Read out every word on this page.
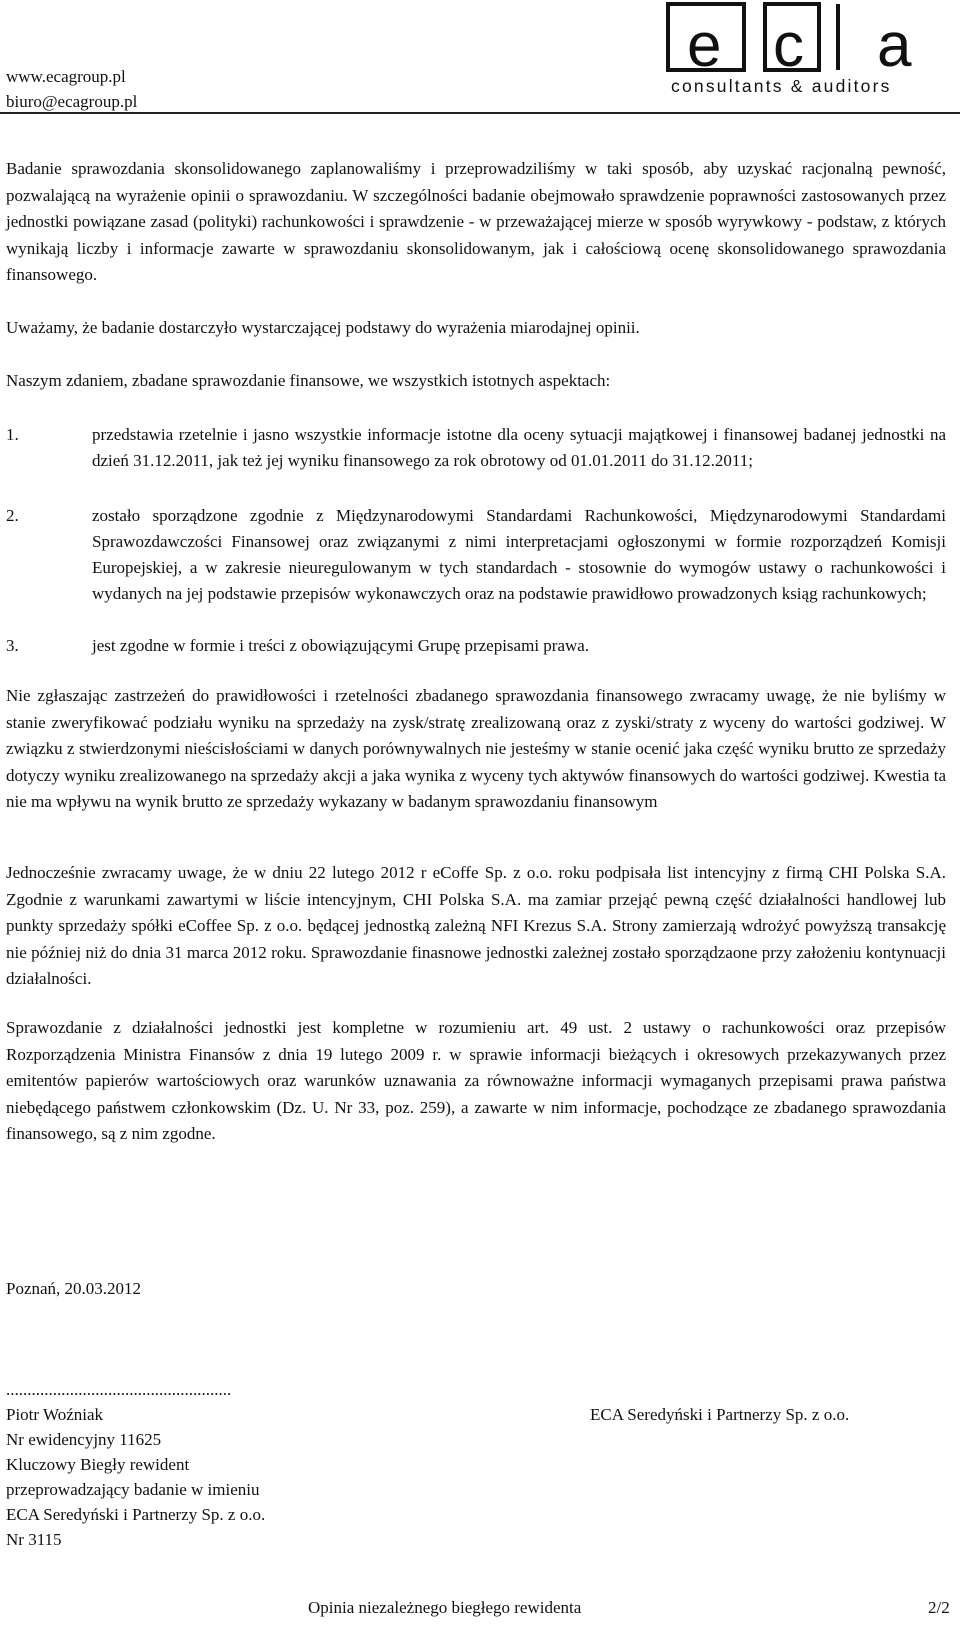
www.ecagroup.pl
biuro@ecagroup.pl
e c a
consultants & auditors

Badanie sprawozdania skonsolidowanego zaplanowaliśmy i przeprowadziliśmy w taki sposób, aby uzyskać racjonalną pewność, pozwalającą na wyrażenie opinii o sprawozdaniu. W szczególności badanie obejmowało sprawdzenie poprawności zastosowanych przez jednostki powiązane zasad (polityki) rachunkowości i sprawdzenie - w przeważającej mierze w sposób wyrywkowy - podstaw, z których wynikają liczby i informacje zawarte w sprawozdaniu skonsolidowanym, jak i całościową ocenę skonsolidowanego sprawozdania finansowego.

Uważamy, że badanie dostarczyło wystarczającej podstawy do wyrażenia miarodajnej opinii.

Naszym zdaniem, zbadane sprawozdanie finansowe, we wszystkich istotnych aspektach:

1.	przedstawia rzetelnie i jasno wszystkie informacje istotne dla oceny sytuacji majątkowej i finansowej badanej jednostki na dzień 31.12.2011, jak też jej wyniku finansowego za rok obrotowy od 01.01.2011 do 31.12.2011;
2.	zostało sporządzone zgodnie z Międzynarodowymi Standardami Rachunkowości, Międzynarodowymi Standardami Sprawozdawczości Finansowej oraz związanymi z nimi interpretacjami ogłoszonymi w formie rozporządzeń Komisji Europejskiej, a w zakresie nieuregulowanym w tych standardach - stosownie do wymogów ustawy o rachunkowości i wydanych na jej podstawie przepisów wykonawczych oraz na podstawie prawidłowo prowadzonych ksiąg rachunkowych;
3.	jest zgodne w formie i treści z obowiązującymi Grupę przepisami prawa.

Nie zgłaszając zastrzeżeń do prawidłowości i rzetelności zbadanego sprawozdania finansowego zwracamy uwagę, że nie byliśmy w stanie zweryfikować podziału wyniku na sprzedaży na zysk/stratę zrealizowaną oraz z zyski/straty z wyceny do wartości godziwej. W związku z stwierdzonymi nieścisłościami w danych porównywalnych nie jesteśmy w stanie ocenić jaka część wyniku brutto ze sprzedaży dotyczy wyniku zrealizowanego na sprzedaży akcji a jaka wynika z wyceny tych aktywów finansowych do wartości godziwej. Kwestia ta nie ma wpływu na wynik brutto ze sprzedaży wykazany w badanym sprawozdaniu finansowym

Jednocześnie zwracamy uwage, że w dniu 22 lutego 2012 r eCoffe Sp. z o.o. roku podpisała list intencyjny z firmą CHI Polska S.A. Zgodnie z warunkami zawartymi w liście intencyjnym, CHI Polska S.A. ma zamiar przejąć pewną część działalności handlowej lub punkty sprzedaży spółki eCoffee Sp. z o.o. będącej jednostką zależną NFI Krezus S.A. Strony zamierzają wdrożyć powyższą transakcję nie później niż do dnia 31 marca 2012 roku. Sprawozdanie finasnowe jednostki zależnej zostało sporządzaone przy założeniu kontynuacji działalności.

Sprawozdanie z działalności jednostki jest kompletne w rozumieniu art. 49 ust. 2 ustawy o rachunkowości oraz przepisów Rozporządzenia Ministra Finansów z dnia 19 lutego 2009 r. w sprawie informacji bieżących i okresowych przekazywanych przez emitentów papierów wartościowych oraz warunków uznawania za równoważne informacji wymaganych przepisami prawa państwa niebędącego państwem członkowskim (Dz. U. Nr 33, poz. 259), a zawarte w nim informacje, pochodzące ze zbadanego sprawozdania finansowego, są z nim zgodne.

Poznań, 20.03.2012
.....................................................
Piotr Woźniak
Nr ewidencyjny 11625
Kluczowy Biegły rewident
przeprowadzający badanie w imieniu
ECA Seredyński i Partnerzy Sp. z o.o.
Nr 3115
ECA Seredyński i Partnerzy Sp. z o.o.
Opinia niezależnego biegłego rewidenta	2/2
